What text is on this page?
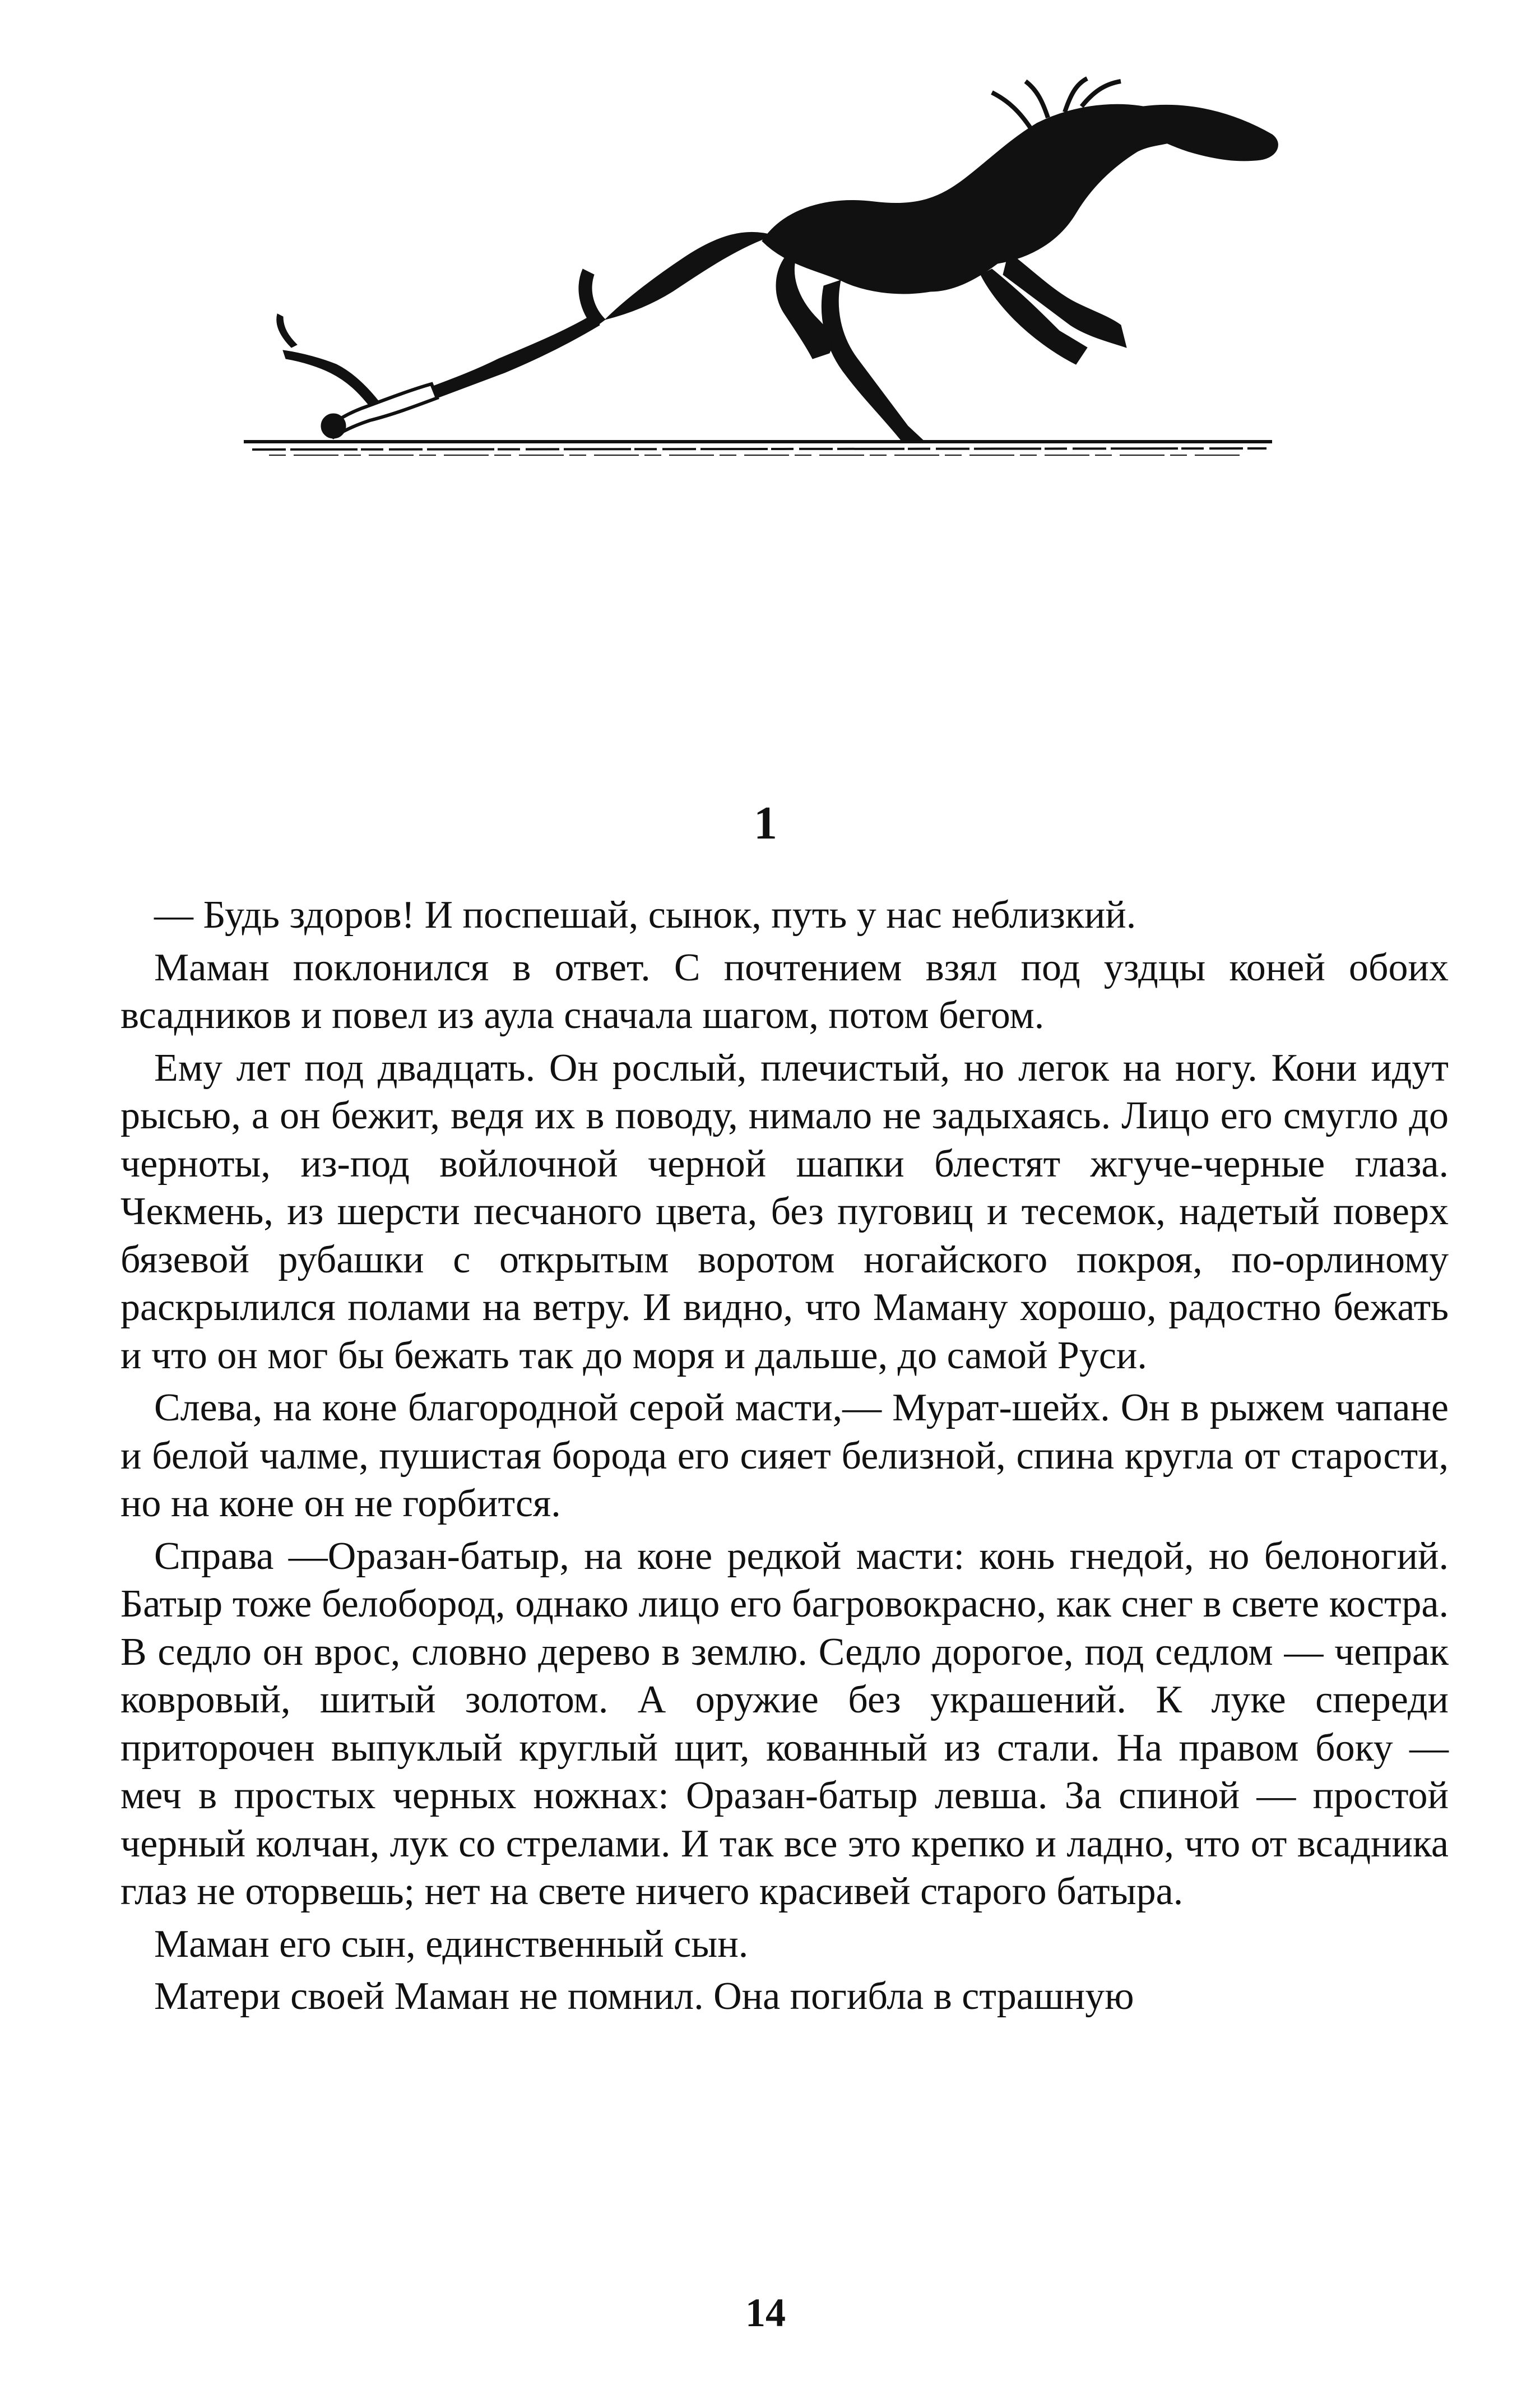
1

— Будь здоров! И поспешай, сынок, путь у нас неблизкий.

Маман поклонился в ответ. С почтением взял под уздцы коней обоих всадников и повел из аула сначала шагом, потом бегом.

Ему лет под двадцать. Он рослый, плечистый, но легок на ногу. Кони идут рысью, а он бежит, ведя их в поводу, нимало не задыхаясь. Лицо его смугло до черноты, из-под войлочной черной шапки блестят жгуче-черные глаза. Чекмень, из шерсти песчаного цвета, без пуговиц и тесемок, надетый поверх бязевой рубашки с открытым воротом ногайского покроя, по-орлиному раскрылился полами на ветру. И видно, что Маману хорошо, радостно бежать и что он мог бы бежать так до моря и дальше, до самой Руси.

Слева, на коне благородной серой масти,— Мурат-шейх. Он в рыжем чапане и белой чалме, пушистая борода его сияет белизной, спина кругла от старости, но на коне он не горбится.

Справа —Оразан-батыр, на коне редкой масти: конь гнедой, но белоногий. Батыр тоже белобород, однако лицо его багровокрасно, как снег в свете костра. В седло он врос, словно дерево в землю. Седло дорогое, под седлом — чепрак ковровый, шитый золотом. А оружие без украшений. К луке спереди приторочен выпуклый круглый щит, кованный из стали. На правом боку — меч в простых черных ножнах: Оразан-батыр левша. За спиной — простой черный колчан, лук со стрелами. И так все это крепко и ладно, что от всадника глаз не оторвешь; нет на свете ничего красивей старого батыра.

Маман его сын, единственный сын.

Матери своей Маман не помнил. Она погибла в страшную

14
